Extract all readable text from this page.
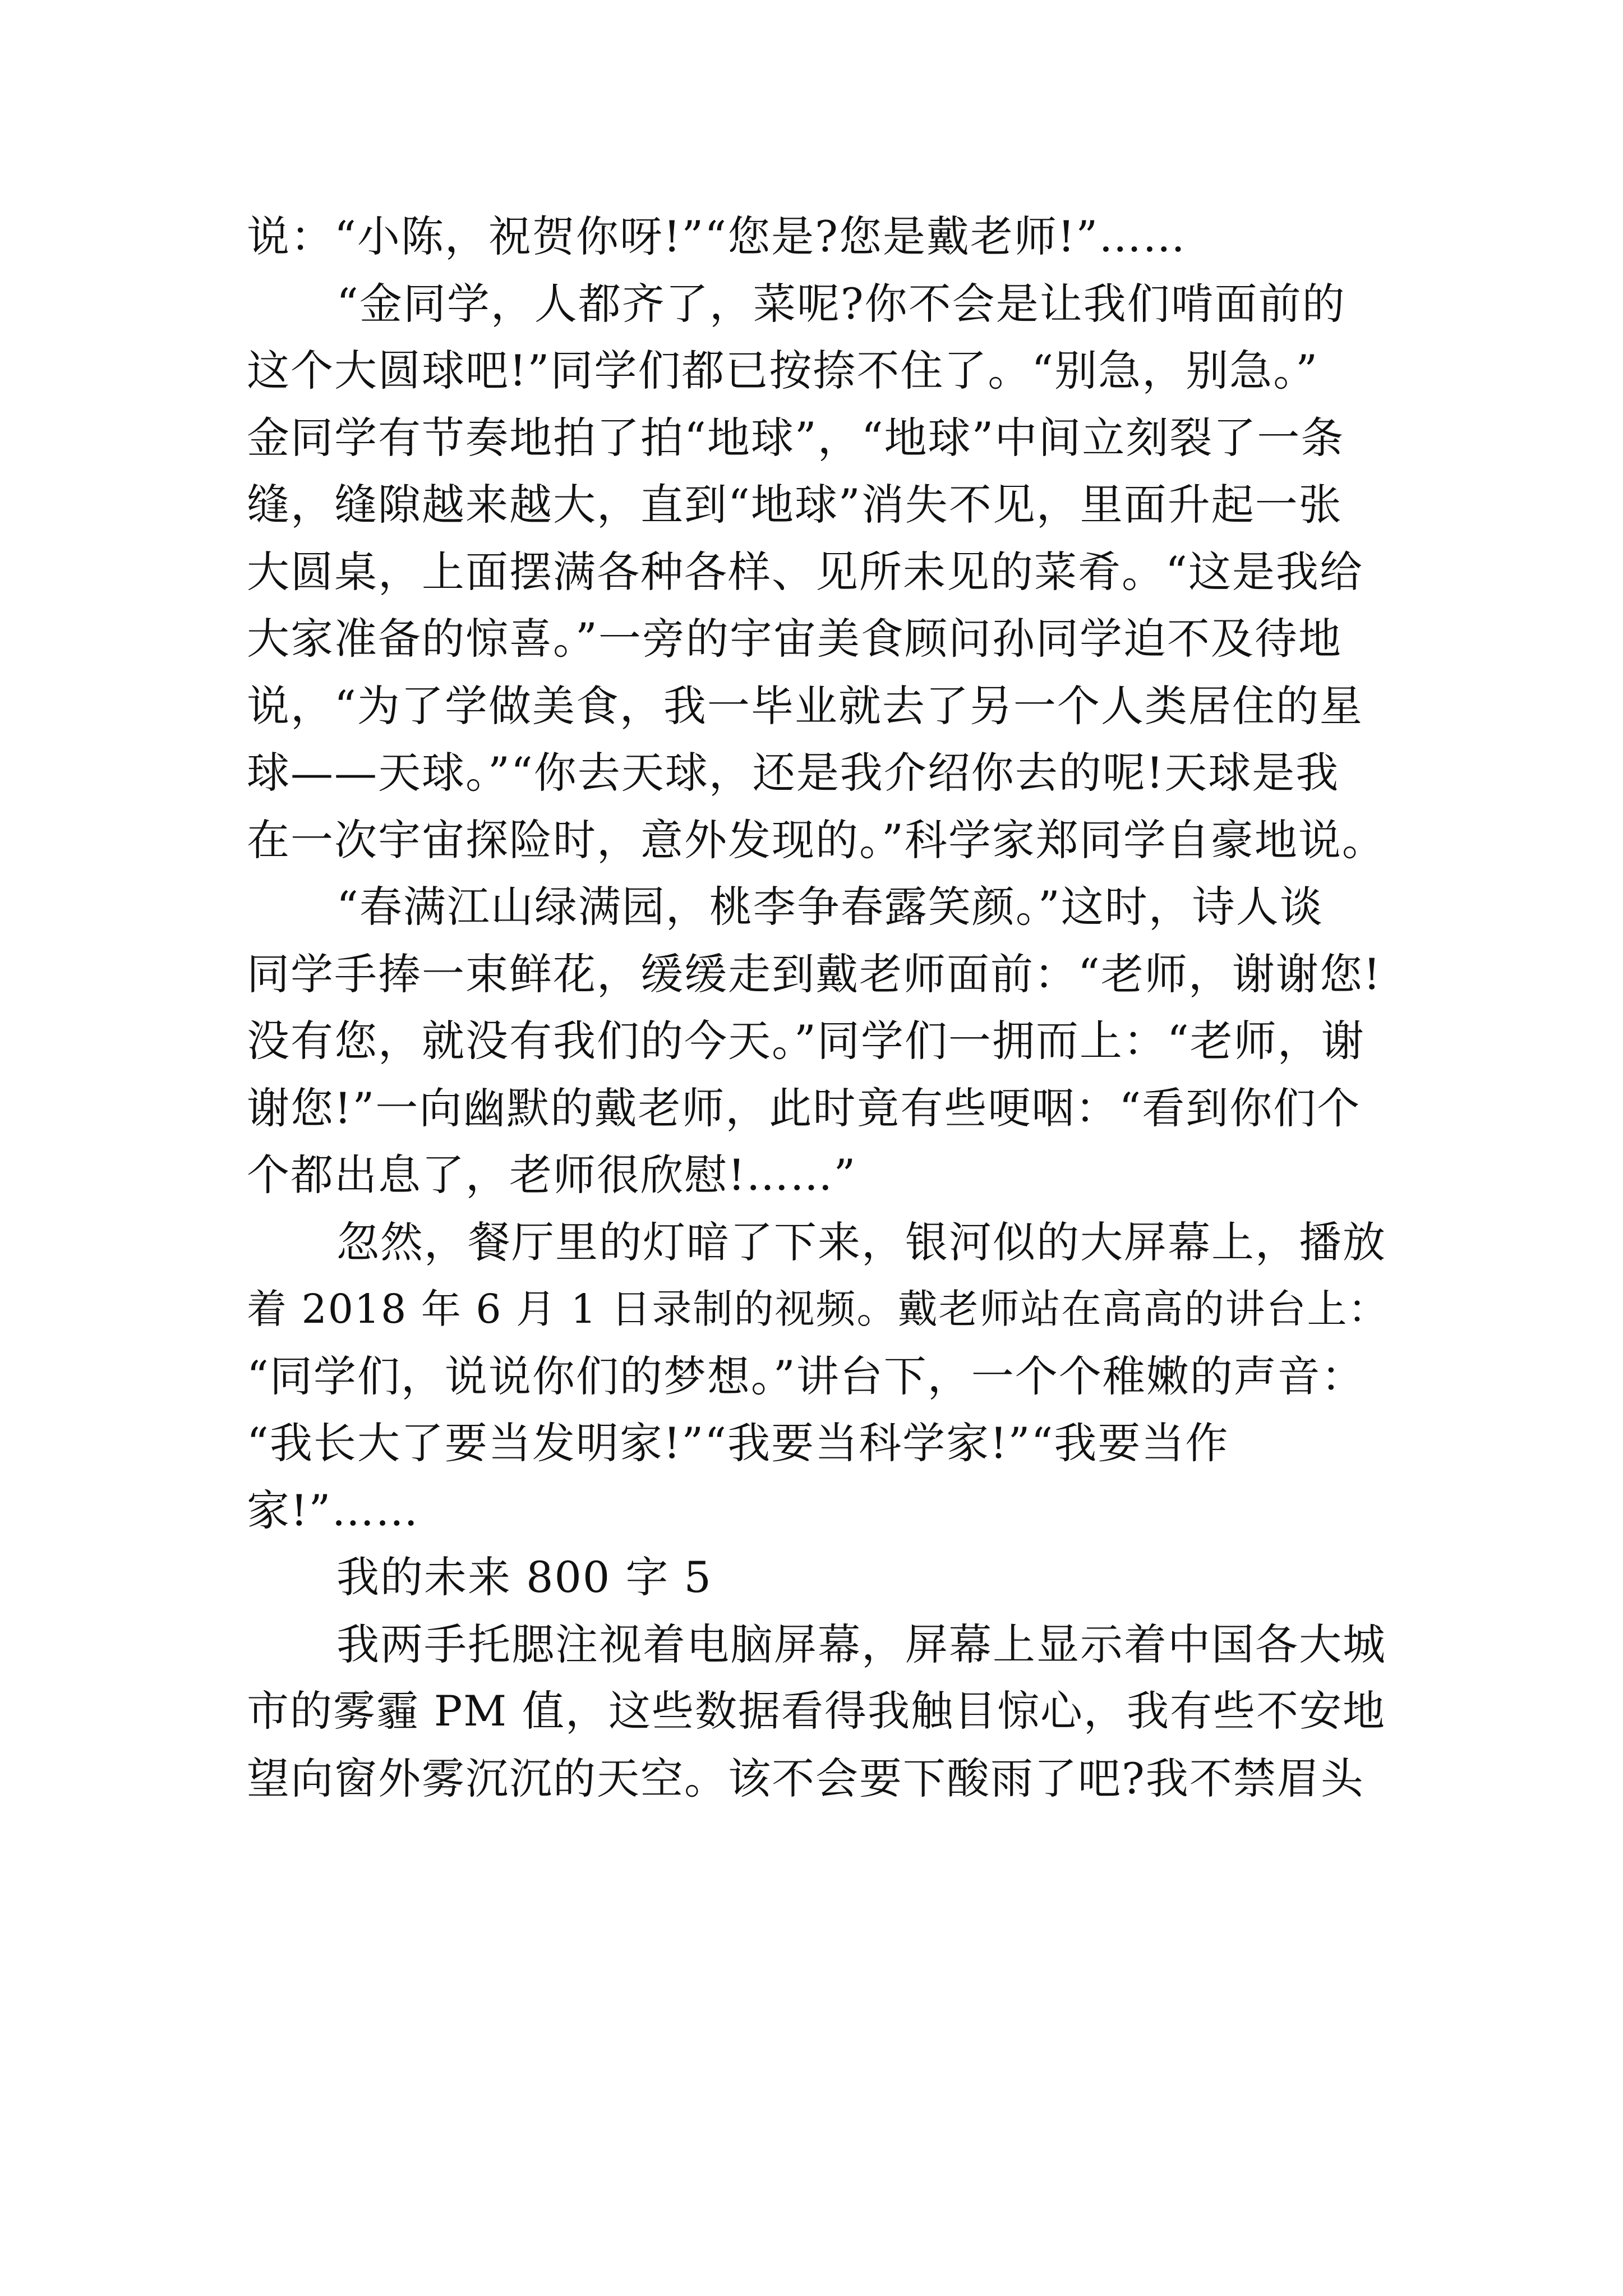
说：“小陈，祝贺你呀!”“您是?您是戴老师!”……
“金同学，人都齐了，菜呢?你不会是让我们啃面前的
这个大圆球吧!”同学们都已按捺不住了。“别急，别急。”
金同学有节奏地拍了拍“地球”，“地球”中间立刻裂了一条
缝，缝隙越来越大，直到“地球”消失不见，里面升起一张
大圆桌，上面摆满各种各样、见所未见的菜肴。“这是我给
大家准备的惊喜。”一旁的宇宙美食顾问孙同学迫不及待地
说，“为了学做美食，我一毕业就去了另一个人类居住的星
球——天球。”“你去天球，还是我介绍你去的呢!天球是我
在一次宇宙探险时，意外发现的。”科学家郑同学自豪地说。
“春满江山绿满园，桃李争春露笑颜。”这时，诗人谈
同学手捧一束鲜花，缓缓走到戴老师面前：“老师，谢谢您!
没有您，就没有我们的今天。”同学们一拥而上：“老师，谢
谢您!”一向幽默的戴老师，此时竟有些哽咽：“看到你们个
个都出息了，老师很欣慰!……”
忽然，餐厅里的灯暗了下来，银河似的大屏幕上，播放
着 2018 年 6 月 1 日录制的视频。戴老师站在高高的讲台上：
“同学们，说说你们的梦想。”讲台下，一个个稚嫩的声音：
“我长大了要当发明家!”“我要当科学家!”“我要当作
家!”……
我的未来 800 字 5
我两手托腮注视着电脑屏幕，屏幕上显示着中国各大城
市的雾霾 PM 值，这些数据看得我触目惊心，我有些不安地
望向窗外雾沉沉的天空。该不会要下酸雨了吧?我不禁眉头
